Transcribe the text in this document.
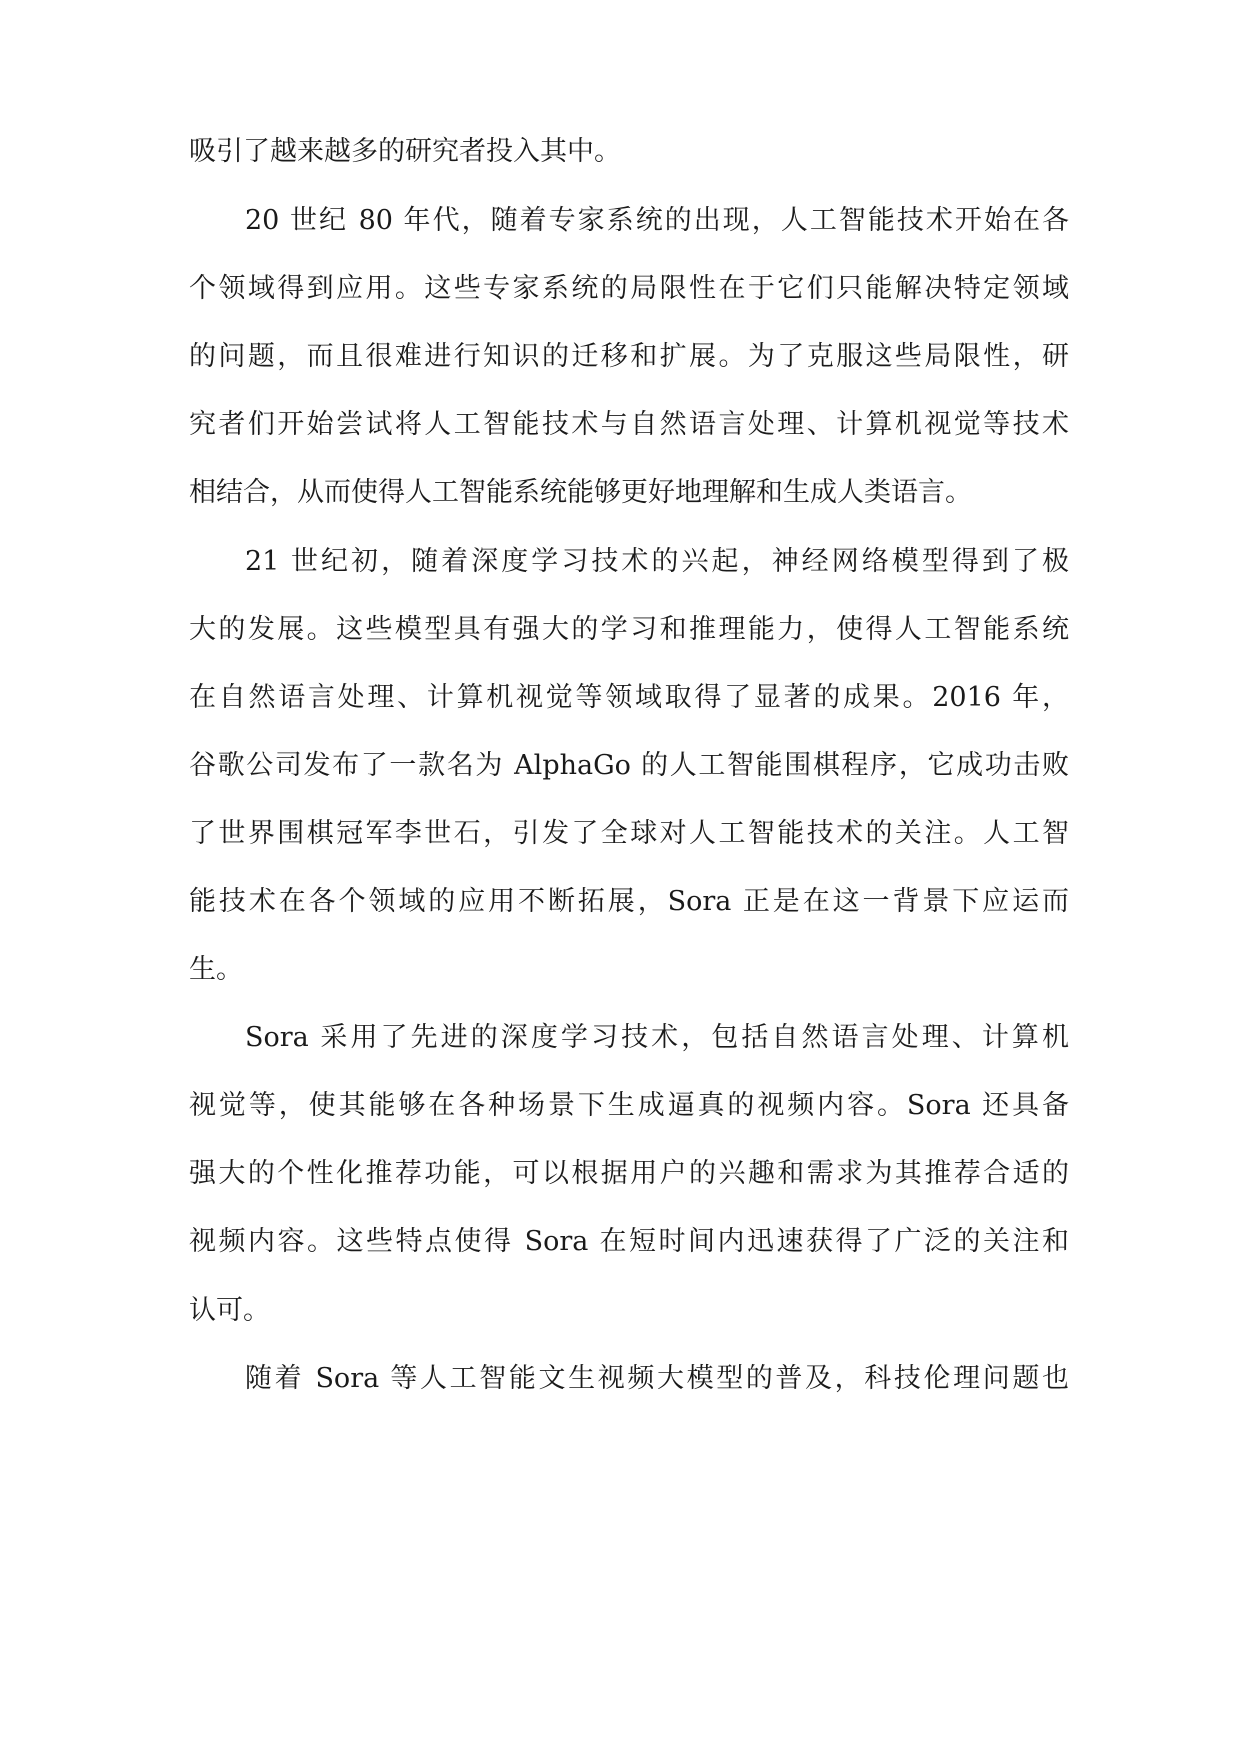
吸引了越来越多的研究者投入其中。

20 世纪 80 年代，随着专家系统的出现，人工智能技术开始在各

个领域得到应用。这些专家系统的局限性在于它们只能解决特定领域

的问题，而且很难进行知识的迁移和扩展。为了克服这些局限性，研

究者们开始尝试将人工智能技术与自然语言处理、计算机视觉等技术

相结合，从而使得人工智能系统能够更好地理解和生成人类语言。

21 世纪初，随着深度学习技术的兴起，神经网络模型得到了极

大的发展。这些模型具有强大的学习和推理能力，使得人工智能系统

在自然语言处理、计算机视觉等领域取得了显著的成果。2016 年，

谷歌公司发布了一款名为 AlphaGo 的人工智能围棋程序，它成功击败

了世界围棋冠军李世石，引发了全球对人工智能技术的关注。人工智

能技术在各个领域的应用不断拓展，Sora 正是在这一背景下应运而

生。

Sora 采用了先进的深度学习技术，包括自然语言处理、计算机

视觉等，使其能够在各种场景下生成逼真的视频内容。Sora 还具备

强大的个性化推荐功能，可以根据用户的兴趣和需求为其推荐合适的

视频内容。这些特点使得 Sora 在短时间内迅速获得了广泛的关注和

认可。

随着 Sora 等人工智能文生视频大模型的普及，科技伦理问题也
